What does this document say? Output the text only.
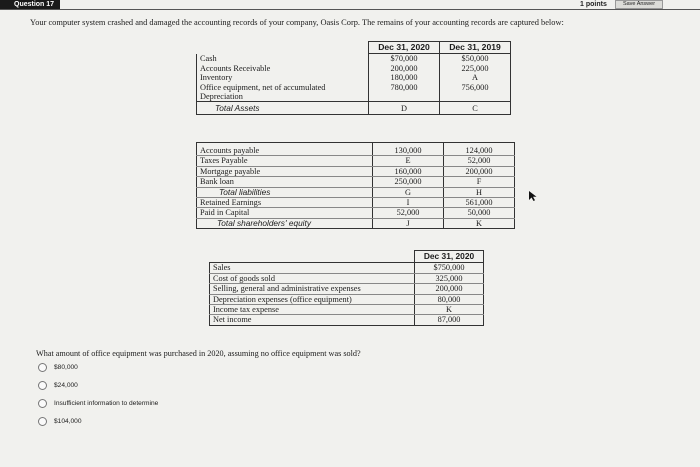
Question 17	1 points	Save Answer
Your computer system crashed and damaged the accounting records of your company, Oasis Corp. The remains of your accounting records are captured below:
	Dec 31, 2020	Dec 31, 2019
Cash	$70,000	$50,000
Accounts Receivable	200,000	225,000
Inventory	180,000	A
Office equipment, net of accumulated	780,000	756,000
Depreciation		
Total Assets	D	C
Accounts payable	130,000	124,000
Taxes Payable	E	52,000
Mortgage payable	160,000	200,000
Bank loan	250,000	F
Total liabilities	G	H
Retained Earnings	I	561,000
Paid in Capital	52,000	50,000
Total shareholders' equity	J	K
	Dec 31, 2020
Sales	$750,000
Cost of goods sold	325,000
Selling, general and administrative expenses	200,000
Depreciation expenses (office equipment)	80,000
Income tax expense	K
Net income	87,000
What amount of office equipment was purchased in 2020, assuming no office equipment was sold?
$80,000
$24,000
Insufficient information to determine
$104,000
